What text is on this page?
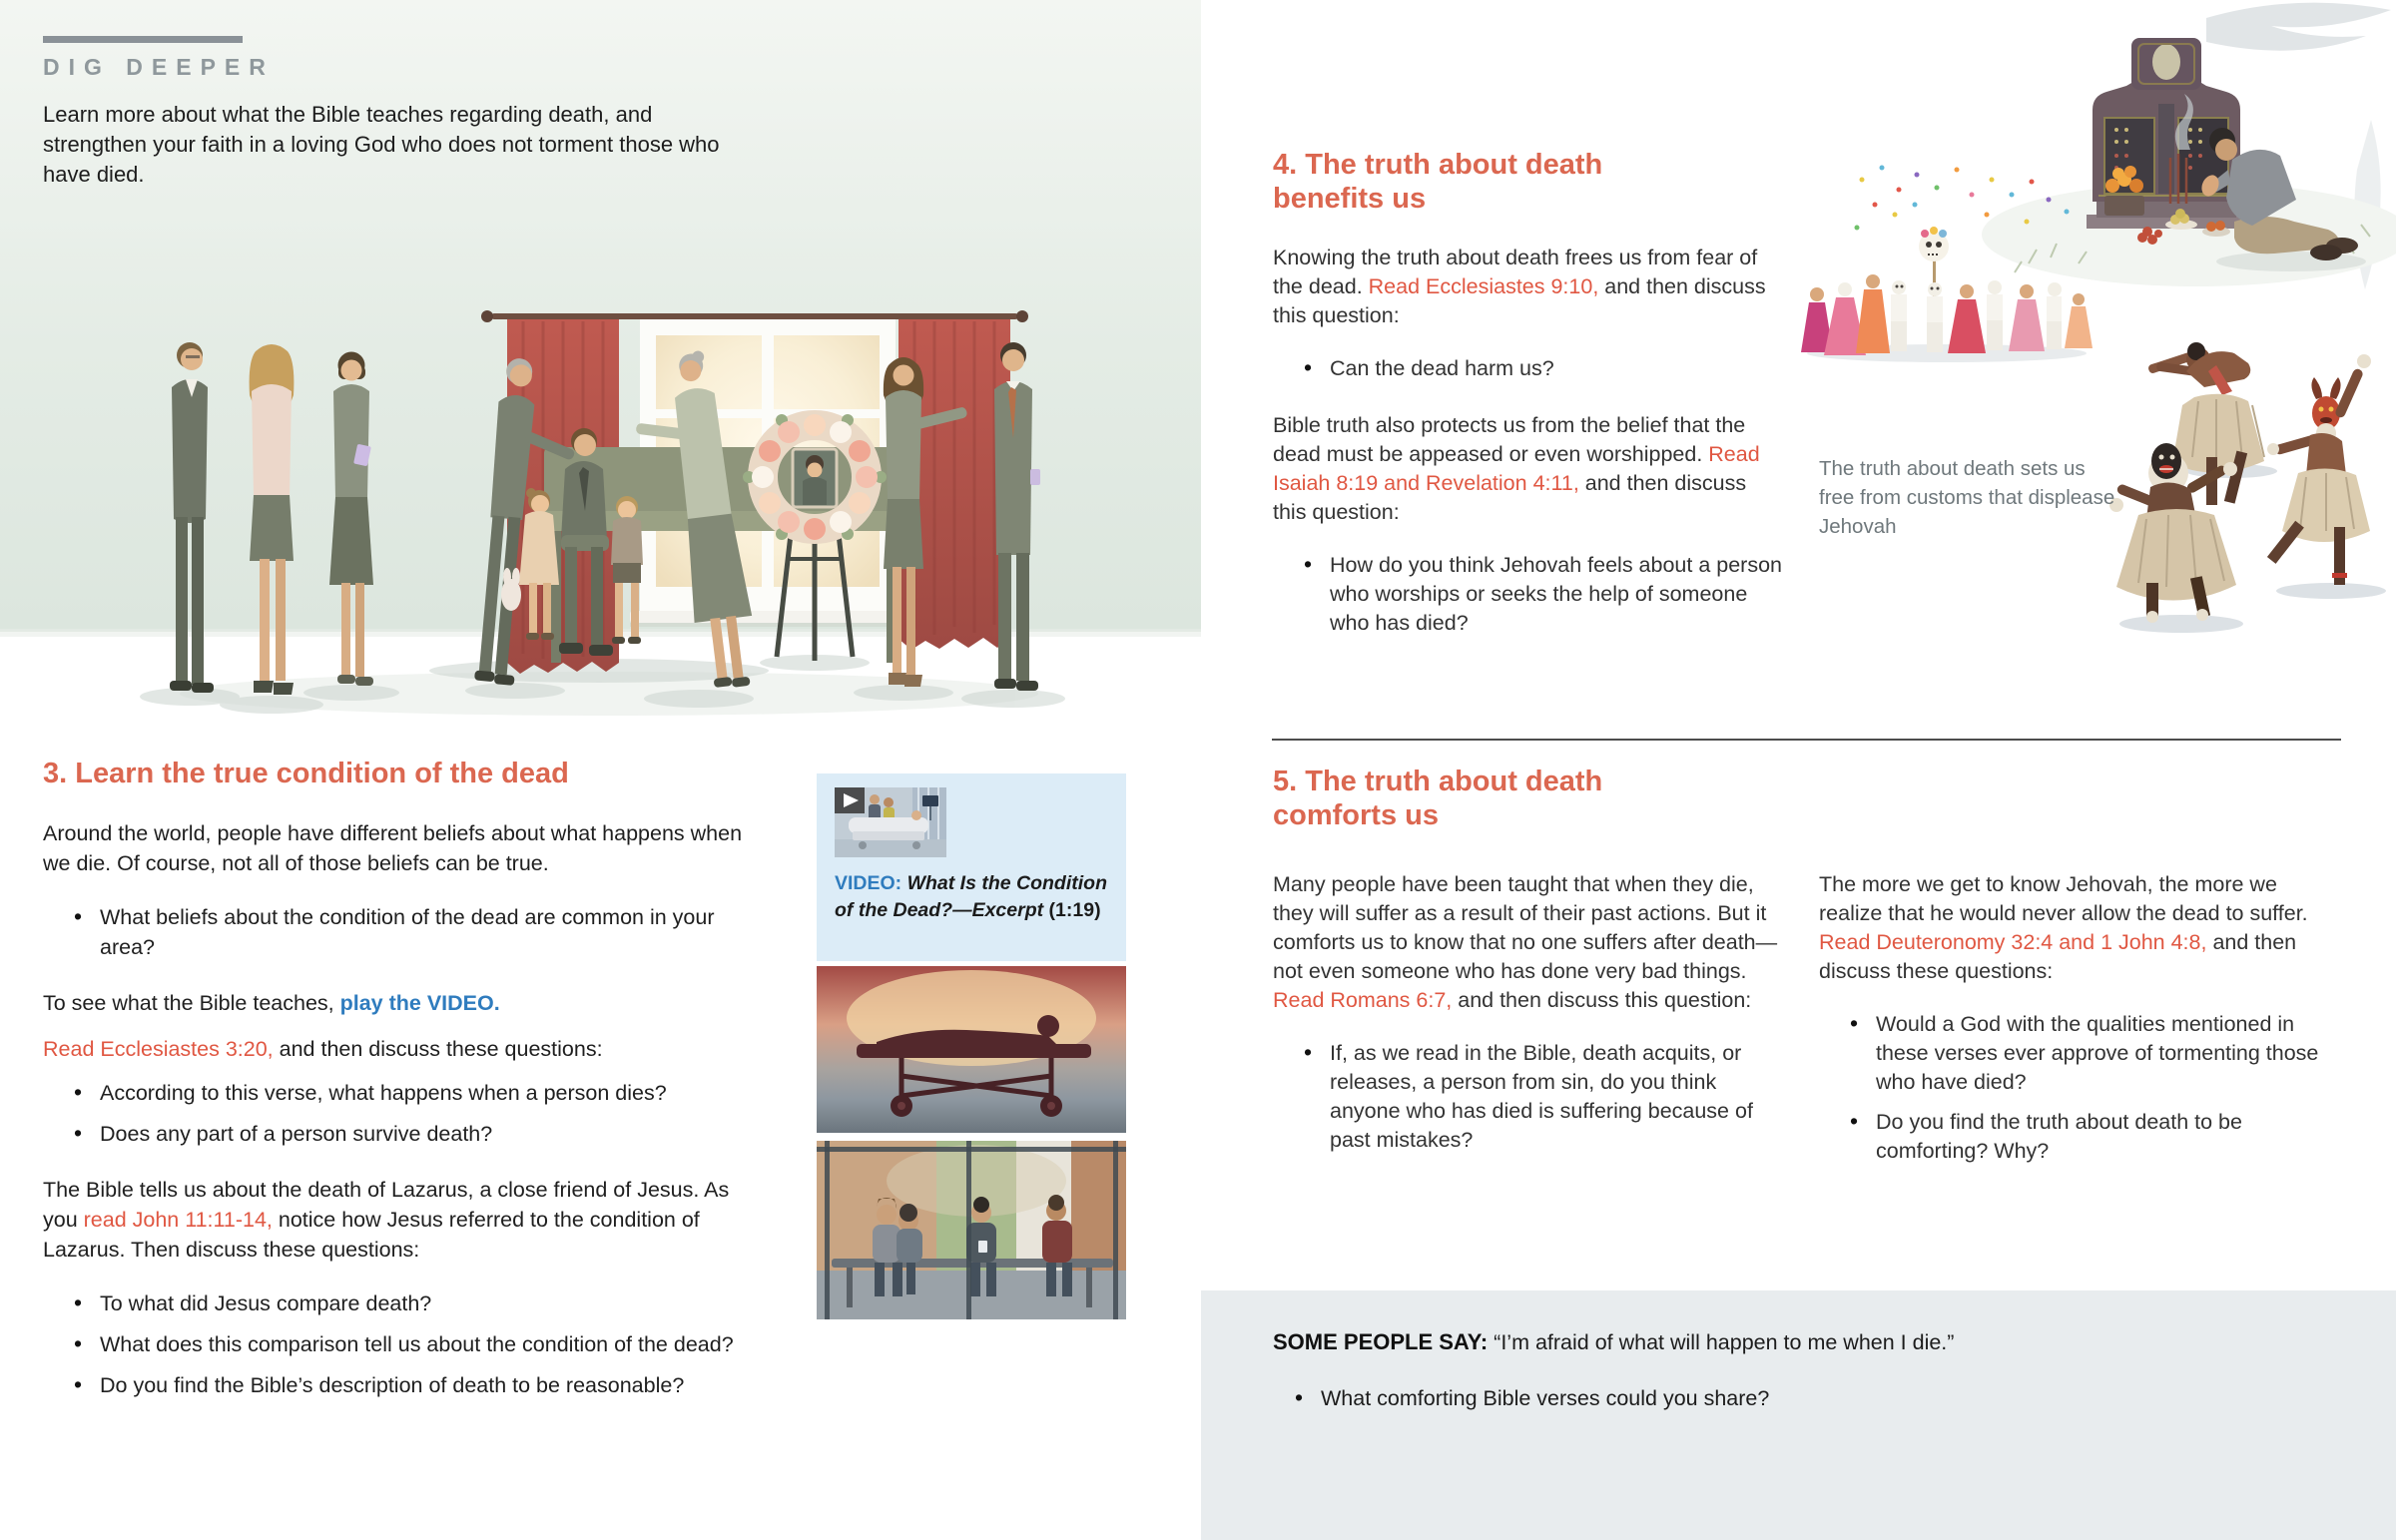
DIG DEEPER
Learn more about what the Bible teaches regarding death, and strengthen your faith in a loving God who does not torment those who have died.
3. Learn the true condition of the dead

Around the world, people have different beliefs about what happens when we die. Of course, not all of those beliefs can be true.

• What beliefs about the condition of the dead are common in your area?

To see what the Bible teaches, play the VIDEO.

Read Ecclesiastes 3:20, and then discuss these questions:

• According to this verse, what happens when a person dies?
• Does any part of a person survive death?

The Bible tells us about the death of Lazarus, a close friend of Jesus. As you read John 11:11-14, notice how Jesus referred to the condition of Lazarus. Then discuss these questions:

• To what did Jesus compare death?
• What does this comparison tell us about the condition of the dead?
• Do you find the Bible’s description of death to be reasonable?
VIDEO: What Is the Condition of the Dead?—Excerpt (1:19)
4. The truth about death benefits us

Knowing the truth about death frees us from fear of the dead. Read Ecclesiastes 9:10, and then discuss this question:

• Can the dead harm us?

Bible truth also protects us from the belief that the dead must be appeased or even worshipped. Read Isaiah 8:19 and Revelation 4:11, and then discuss this question:

• How do you think Jehovah feels about a person who worships or seeks the help of someone who has died?
The truth about death sets us free from customs that displease Jehovah
5. The truth about death comforts us

Many people have been taught that when they die, they will suffer as a result of their past actions. But it comforts us to know that no one suffers after death—not even someone who has done very bad things. Read Romans 6:7, and then discuss this question:

• If, as we read in the Bible, death acquits, or releases, a person from sin, do you think anyone who has died is suffering because of past mistakes?

The more we get to know Jehovah, the more we realize that he would never allow the dead to suffer. Read Deuteronomy 32:4 and 1 John 4:8, and then discuss these questions:

• Would a God with the qualities mentioned in these verses ever approve of tormenting those who have died?
• Do you find the truth about death to be comforting? Why?
SOME PEOPLE SAY: “I’m afraid of what will happen to me when I die.”
• What comforting Bible verses could you share?
